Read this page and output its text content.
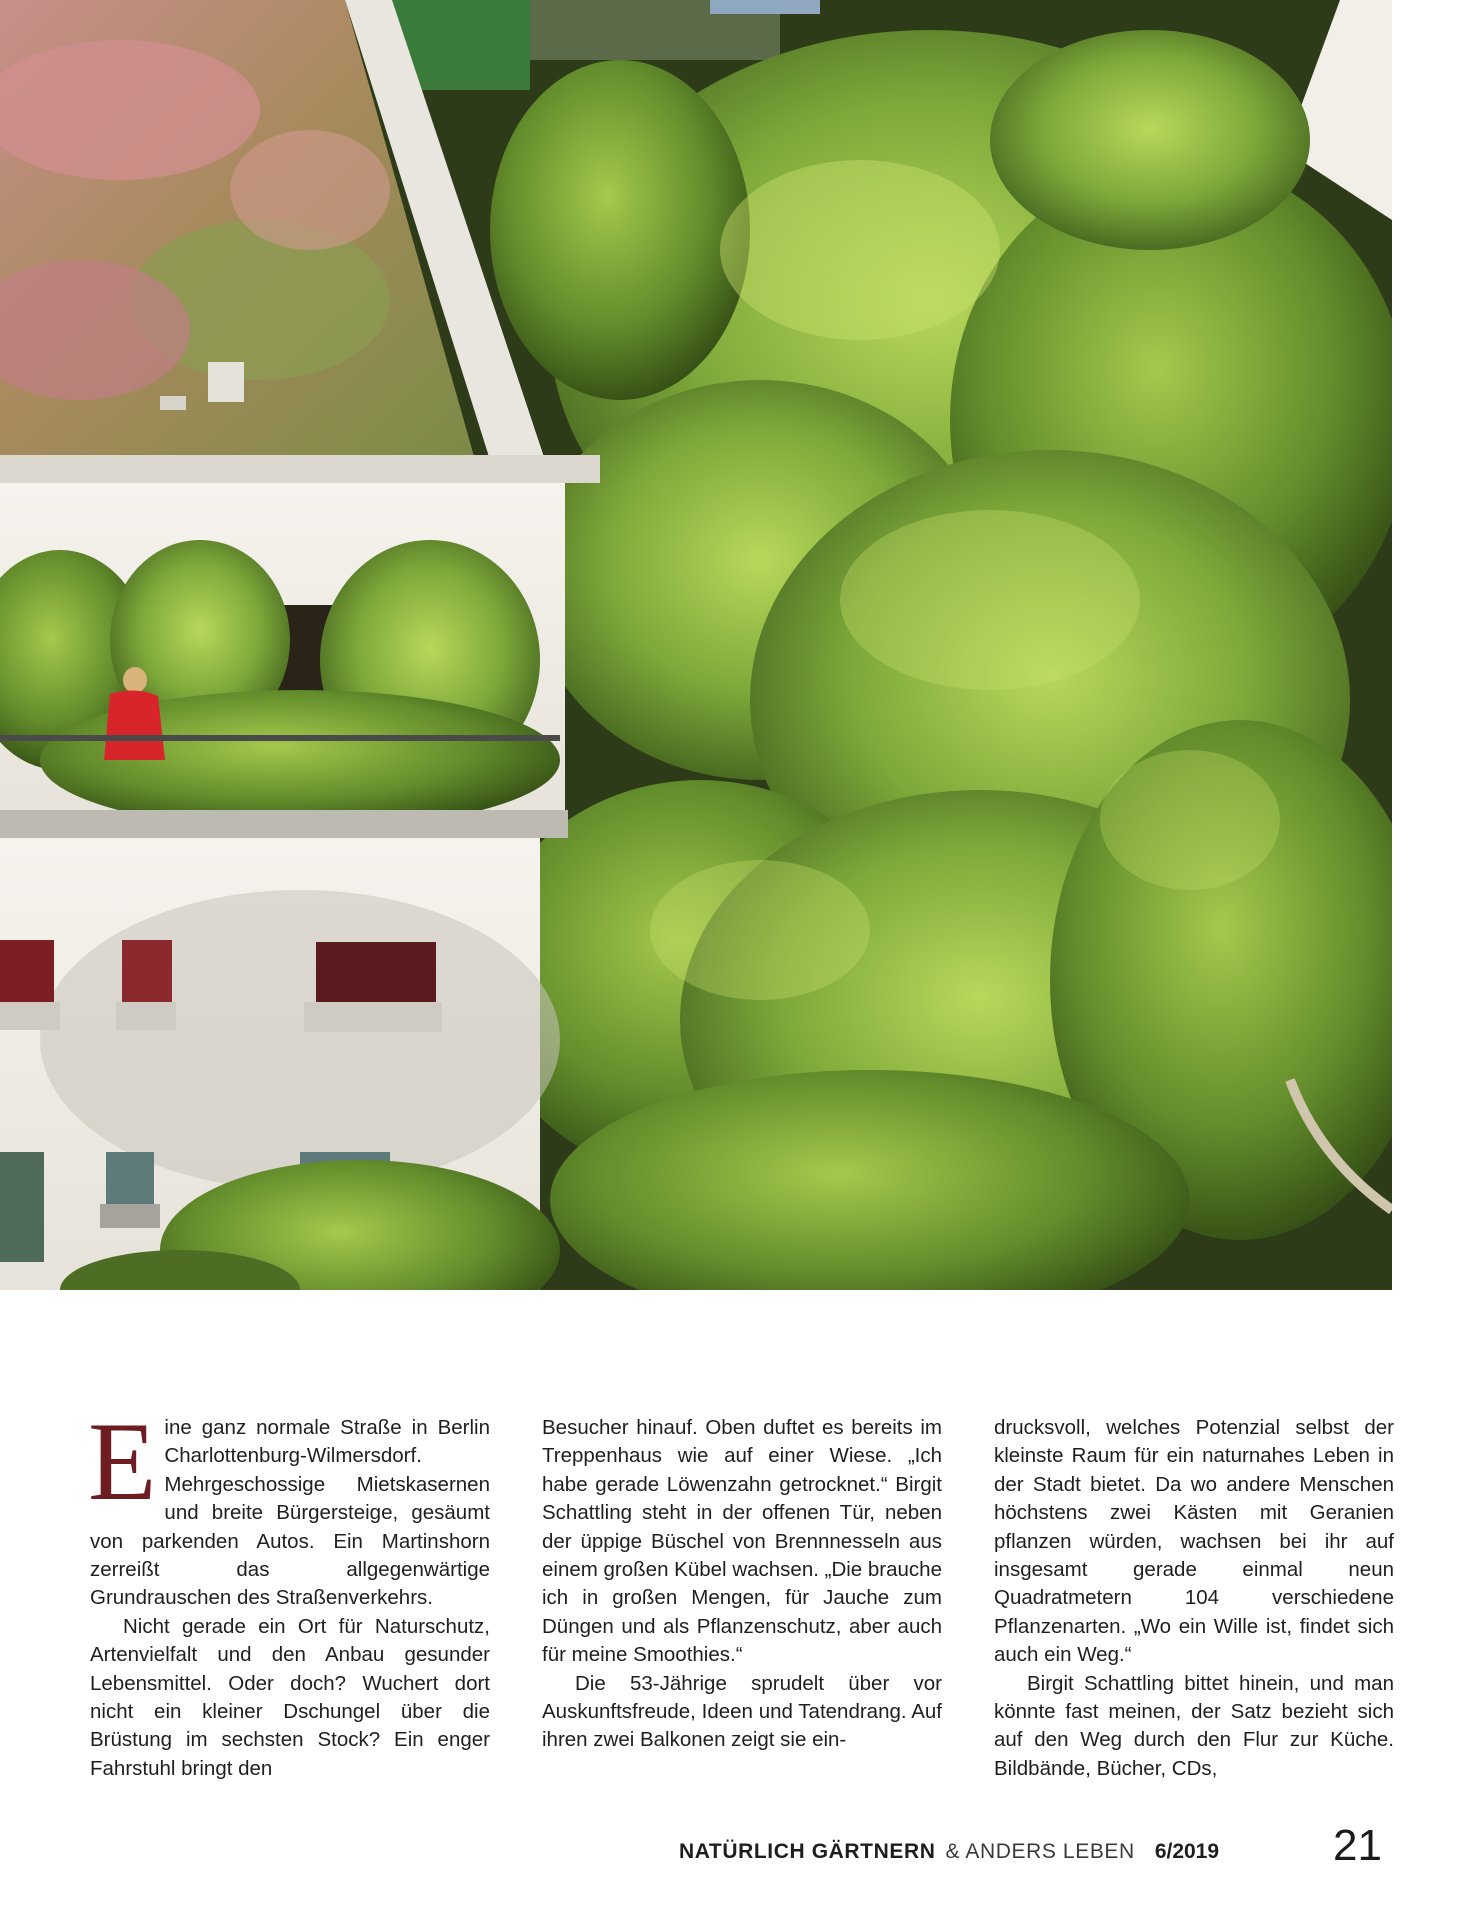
Eine ganz normale Straße in Berlin Charlottenburg-Wilmersdorf. Mehrgeschossige Mietskasernen und breite Bürgersteige, gesäumt von parkenden Autos. Ein Martinshorn zerreißt das allgegenwärtige Grundrauschen des Straßenverkehrs.

Nicht gerade ein Ort für Naturschutz, Artenvielfalt und den Anbau gesunder Lebensmittel. Oder doch? Wuchert dort nicht ein kleiner Dschungel über die Brüstung im sechsten Stock? Ein enger Fahrstuhl bringt den

Besucher hinauf. Oben duftet es bereits im Treppenhaus wie auf einer Wiese. „Ich habe gerade Löwenzahn getrocknet.“ Birgit Schattling steht in der offenen Tür, neben der üppige Büschel von Brennnesseln aus einem großen Kübel wachsen. „Die brauche ich in großen Mengen, für Jauche zum Düngen und als Pflanzenschutz, aber auch für meine Smoothies.“

Die 53-Jährige sprudelt über vor Auskunftsfreude, Ideen und Tatendrang. Auf ihren zwei Balkonen zeigt sie ein-

drucksvoll, welches Potenzial selbst der kleinste Raum für ein naturnahes Leben in der Stadt bietet. Da wo andere Menschen höchstens zwei Kästen mit Geranien pflanzen würden, wachsen bei ihr auf insgesamt gerade einmal neun Quadratmetern 104 verschiedene Pflanzenarten. „Wo ein Wille ist, findet sich auch ein Weg.“

Birgit Schattling bittet hinein, und man könnte fast meinen, der Satz bezieht sich auf den Weg durch den Flur zur Küche. Bildbände, Bücher, CDs,

NATÜRLICH GÄRTNERN & ANDERS LEBEN 6/2019	21
